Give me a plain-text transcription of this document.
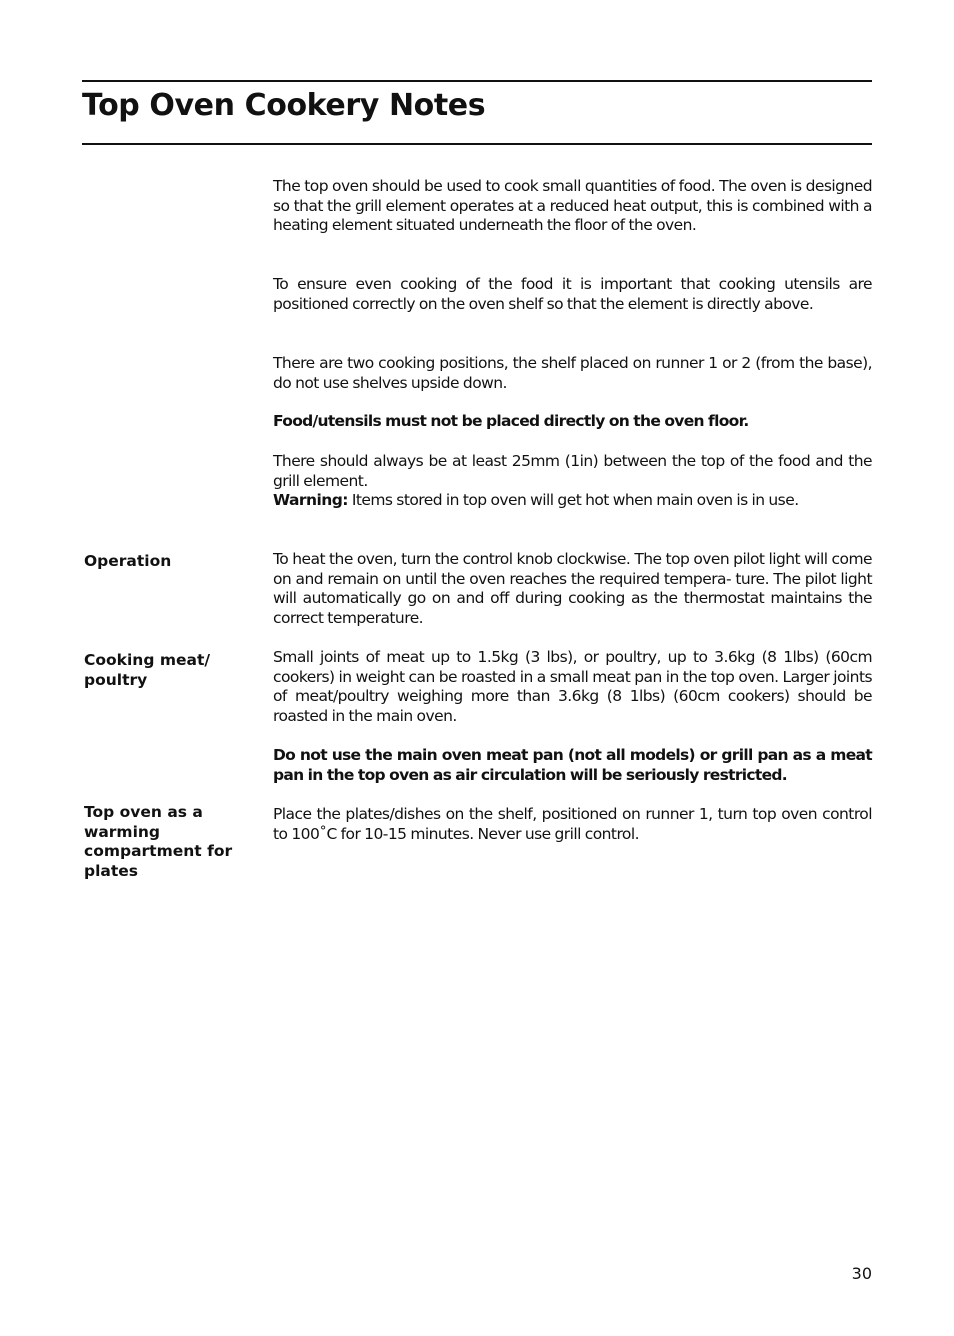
Top Oven Cookery Notes

The top oven should be used to cook small quantities of food. The oven is designed so that the grill element operates at a reduced heat output, this is combined with a heating element situated underneath the floor of the oven.

To ensure even cooking of the food it is important that cooking utensils are positioned correctly on the oven shelf so that the element is directly above.

There are two cooking positions, the shelf placed on runner 1 or 2 (from the base), do not use shelves upside down.

Food/utensils must not be placed directly on the oven floor.

There should always be at least 25mm (1in) between the top of the food and the grill element.
Warning: Items stored in top oven will get hot when main oven is in use.
Operation	To heat the oven, turn the control knob clockwise. The top oven pilot light will come on and remain on until the oven reaches the required tempera- ture. The pilot light will automatically go on and off during cooking as the thermostat maintains the correct temperature.

Cooking meat/ poultry

Small joints of meat up to 1.5kg (3 lbs), or poultry, up to 3.6kg (8 1lbs) (60cm cookers) in weight can be roasted in a small meat pan in the top oven. Larger joints of meat/poultry weighing more than 3.6kg (8 1lbs) (60cm cookers) should be roasted in the main oven.

Do not use the main oven meat pan (not all models) or grill pan as a meat pan in the top oven as air circulation will be seriously restricted.

Top oven as a warming compartment for plates

Place the plates/dishes on the shelf, positioned on runner 1, turn top oven control to 100˚C for 10-15 minutes. Never use grill control.

30
